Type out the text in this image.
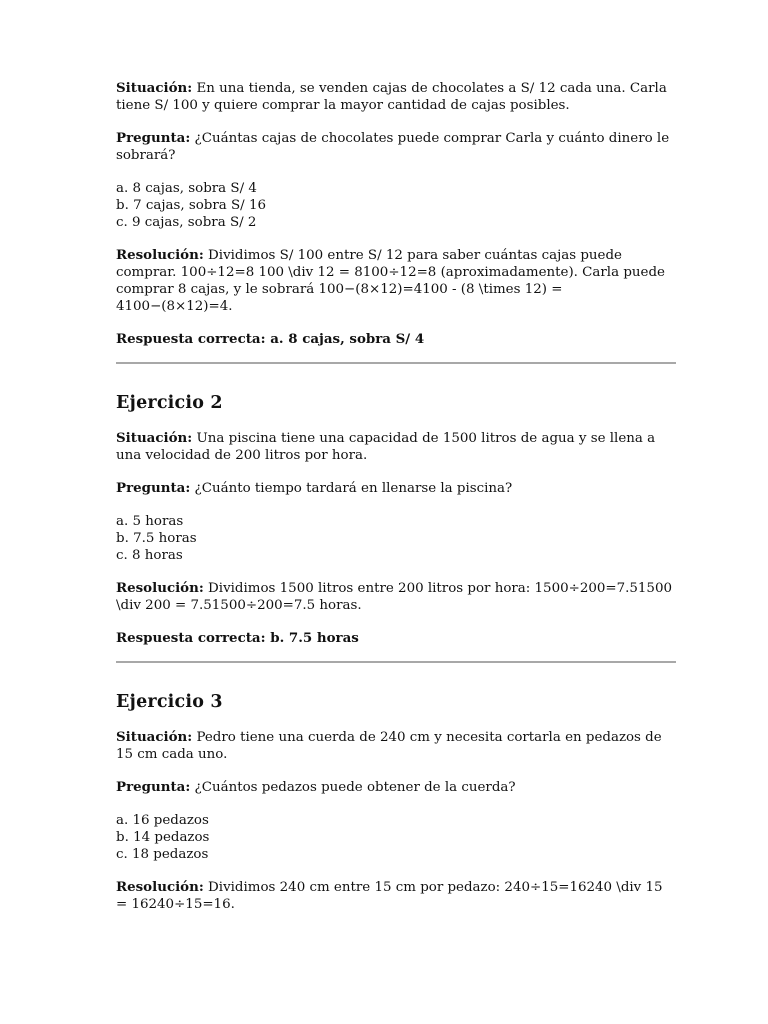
Situación: En una tienda, se venden cajas de chocolates a S/ 12 cada una. Carla tiene S/ 100 y quiere comprar la mayor cantidad de cajas posibles.

Pregunta: ¿Cuántas cajas de chocolates puede comprar Carla y cuánto dinero le sobrará?

a. 8 cajas, sobra S/ 4

b. 7 cajas, sobra S/ 16

c. 9 cajas, sobra S/ 2

Resolución: Dividimos S/ 100 entre S/ 12 para saber cuántas cajas puede comprar. 100÷12=8 100 \div 12 = 8100÷12=8 (aproximadamente). Carla puede comprar 8 cajas, y le sobrará 100−(8×12)=4100 - (8 \times 12) = 4100−(8×12)=4.

Respuesta correcta: a. 8 cajas, sobra S/ 4

Ejercicio 2

Situación: Una piscina tiene una capacidad de 1500 litros de agua y se llena a una velocidad de 200 litros por hora.

Pregunta: ¿Cuánto tiempo tardará en llenarse la piscina?

a. 5 horas

b. 7.5 horas

c. 8 horas

Resolución: Dividimos 1500 litros entre 200 litros por hora: 1500÷200=7.51500 \div 200 = 7.51500÷200=7.5 horas.

Respuesta correcta: b. 7.5 horas

Ejercicio 3

Situación: Pedro tiene una cuerda de 240 cm y necesita cortarla en pedazos de 15 cm cada uno.

Pregunta: ¿Cuántos pedazos puede obtener de la cuerda?

a. 16 pedazos

b. 14 pedazos

c. 18 pedazos

Resolución: Dividimos 240 cm entre 15 cm por pedazo: 240÷15=16240 \div 15 = 16240÷15=16.
